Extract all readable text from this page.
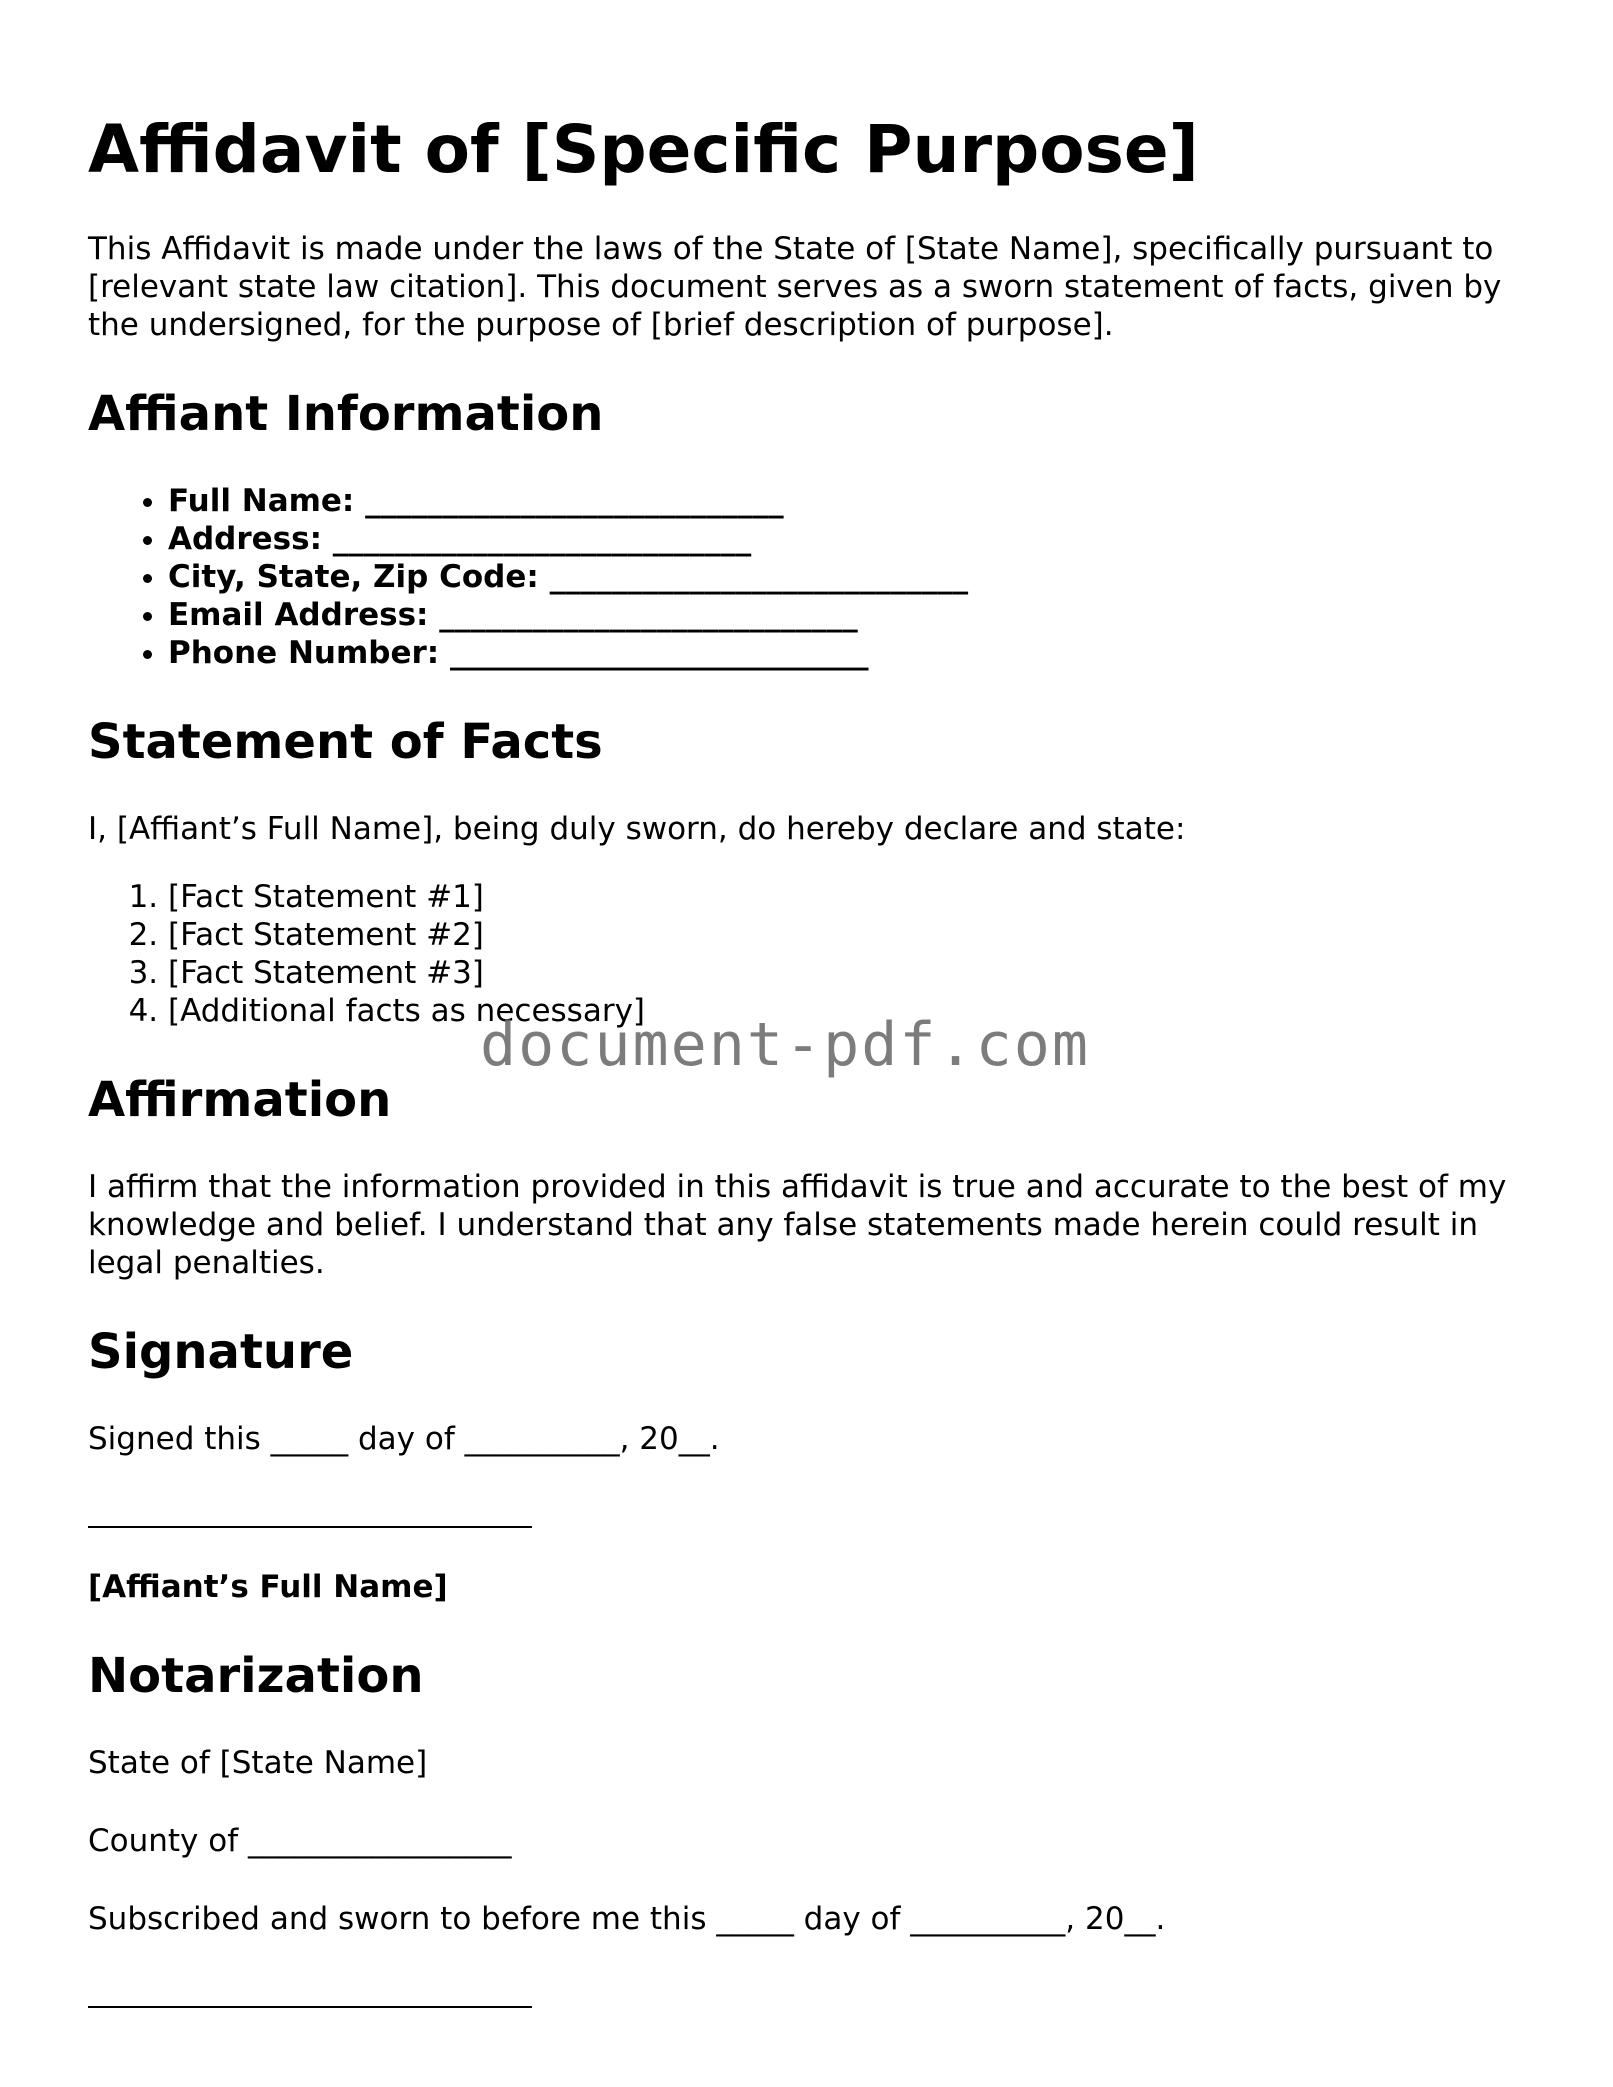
Affidavit of [Specific Purpose]

This Affidavit is made under the laws of the State of [State Name], specifically pursuant to [relevant state law citation]. This document serves as a sworn statement of facts, given by the undersigned, for the purpose of [brief description of purpose].

Affiant Information
• Full Name: ___________________________
• Address: ___________________________
• City, State, Zip Code: ___________________________
• Email Address: ___________________________
• Phone Number: ___________________________
Statement of Facts

I, [Affiant’s Full Name], being duly sworn, do hereby declare and state:

1. [Fact Statement #1]
2. [Fact Statement #2]
3. [Fact Statement #3]
4. [Additional facts as necessary]
Affirmation

I affirm that the information provided in this affidavit is true and accurate to the best of my knowledge and belief. I understand that any false statements made herein could result in legal penalties.

Signature

Signed this _____ day of __________, 20__.

[Affiant’s Full Name]
Notarization

State of [State Name]

County of _________________

Subscribed and sworn to before me this _____ day of __________, 20__.

document-pdf.com
